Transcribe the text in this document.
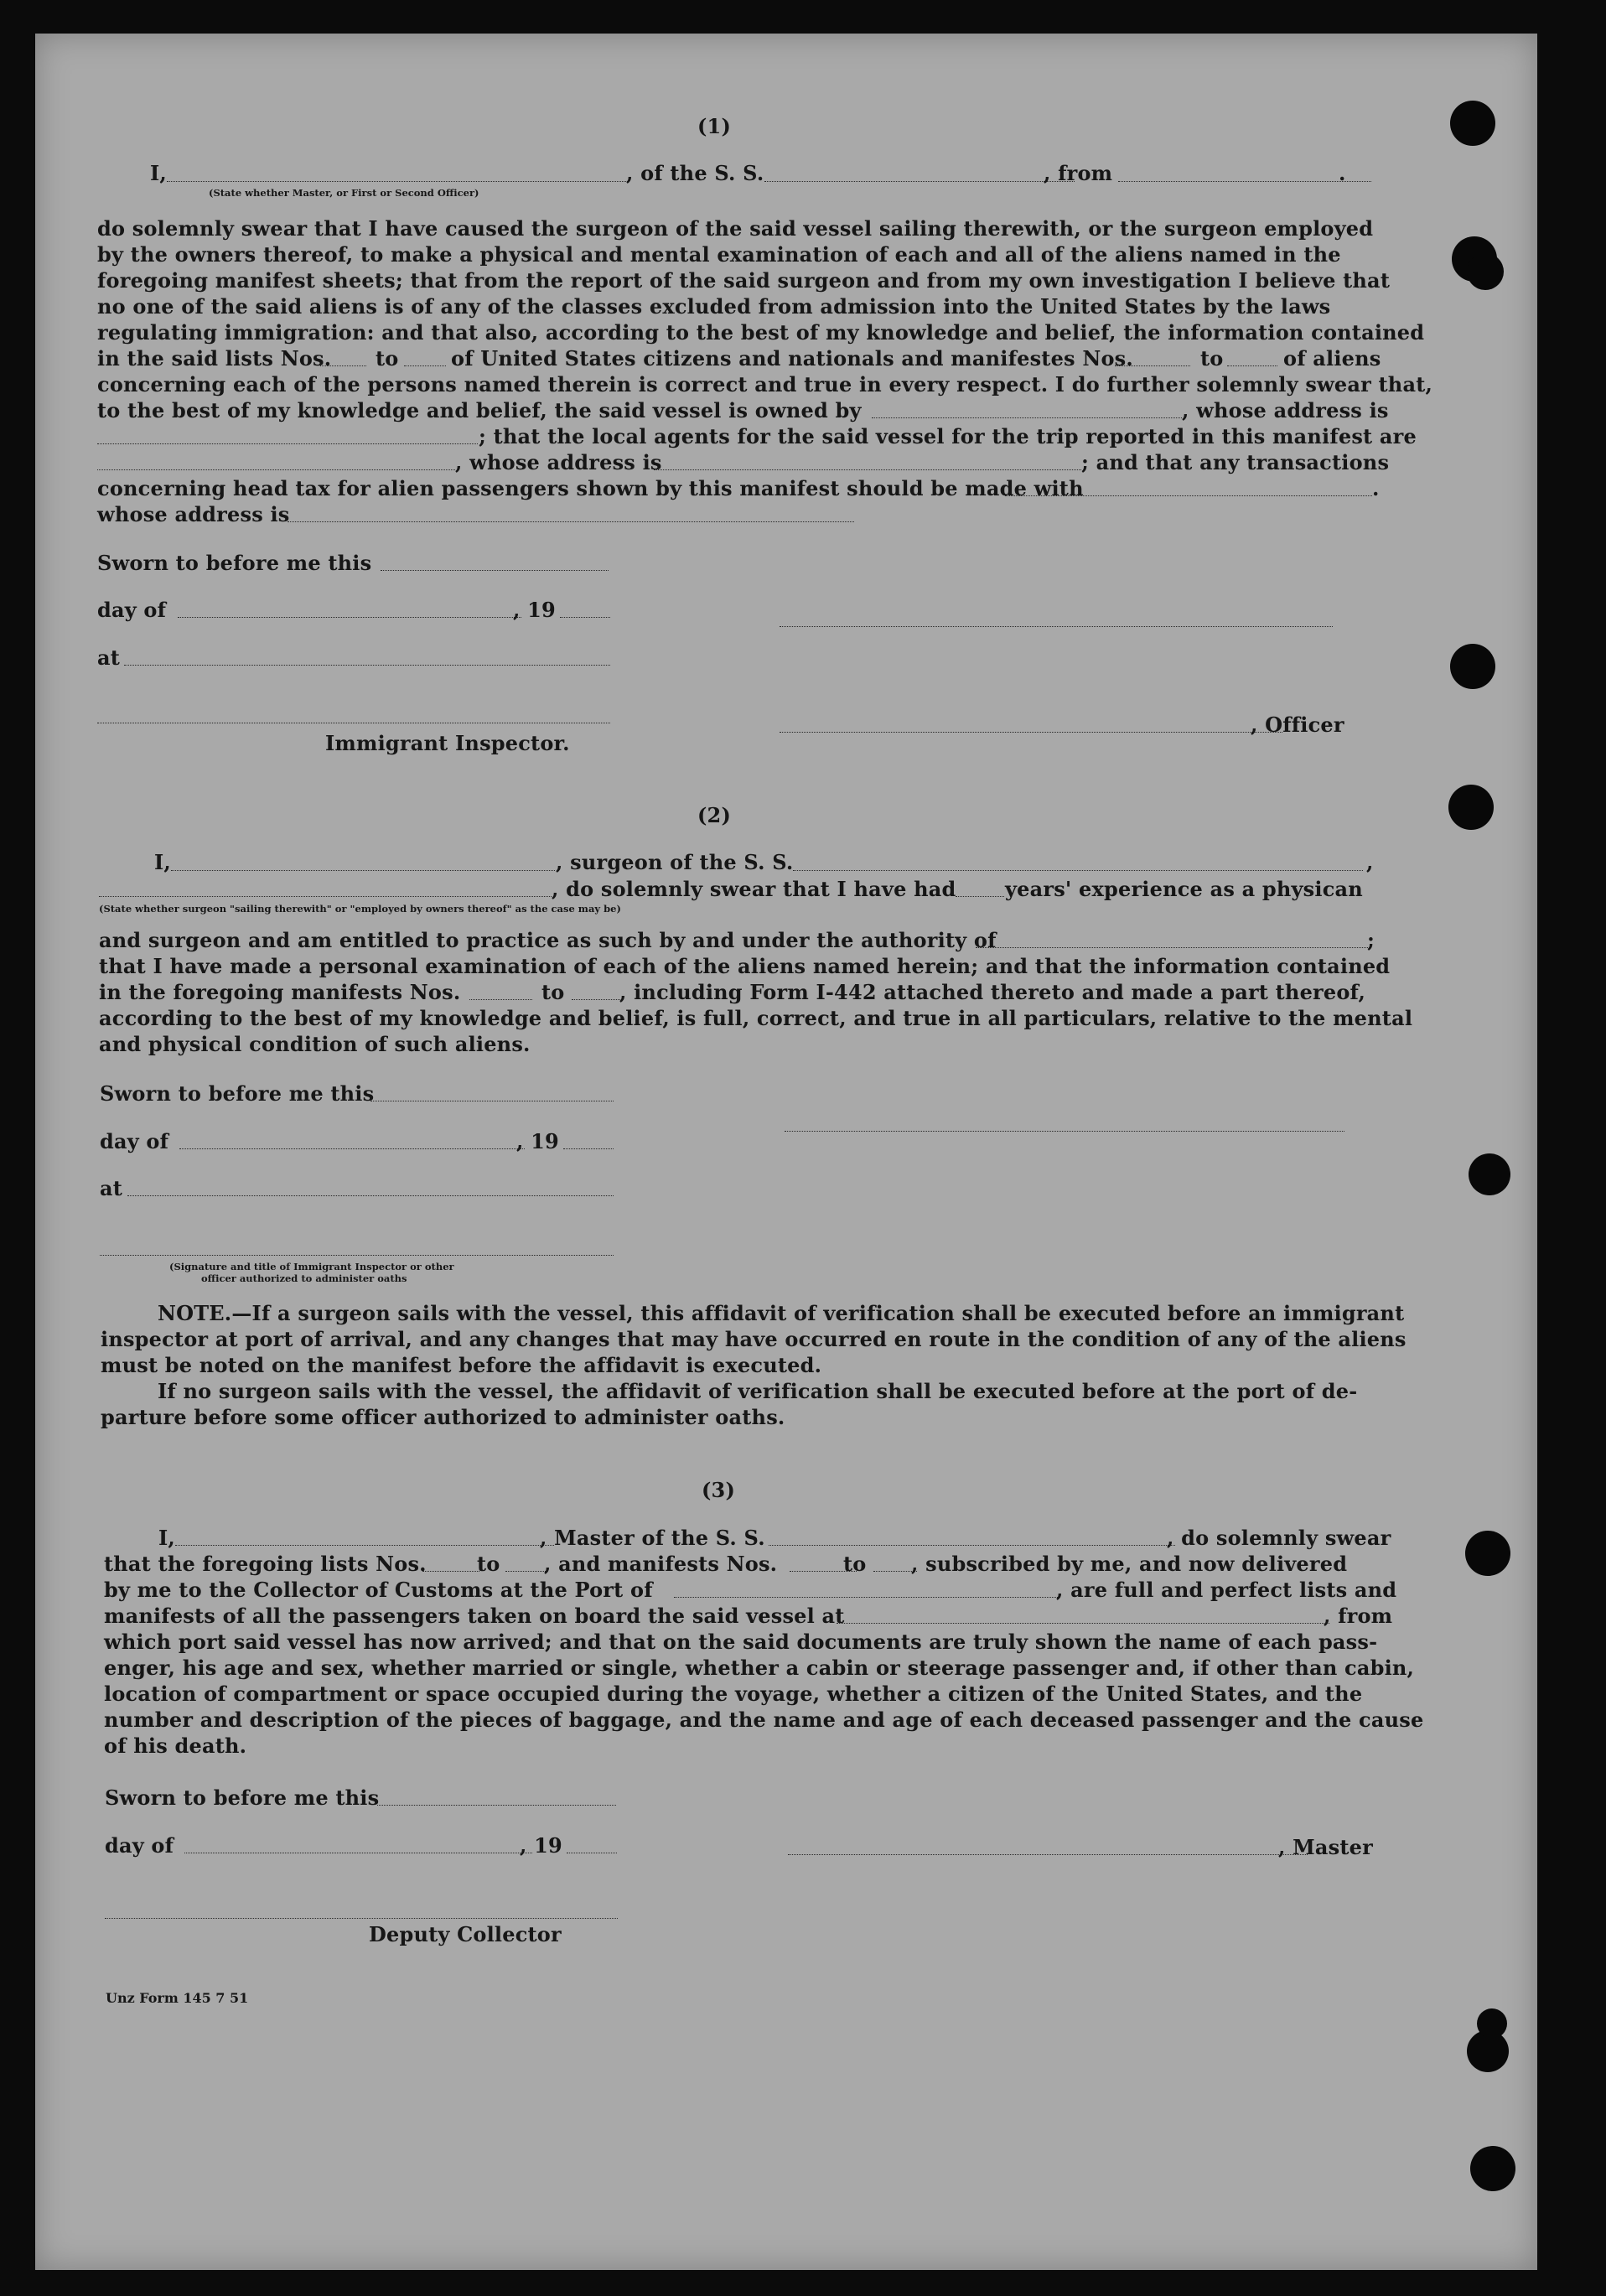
(1)
I,	, of the S. S.	, from	.
(State whether Master, or First or Second Officer)
do solemnly swear that I have caused the surgeon of the said vessel sailing therewith, or the surgeon employed
by the owners thereof, to make a physical and mental examination of each and all of the aliens named in the
foregoing manifest sheets; that from the report of the said surgeon and from my own investigation I believe that
no one of the said aliens is of any of the classes excluded from admission into the United States by the laws
regulating immigration: and that also, according to the best of my knowledge and belief, the information contained
in the said lists Nos. to	of United States citizens and nationals and manifestes Nos.	to	of aliens
concerning each of the persons named therein is correct and true in every respect. I do further solemnly swear that,
to the best of my knowledge and belief, the said vessel is owned by	, whose address is
; that the local agents for the said vessel for the trip reported in this manifest are
, whose address is	; and that any transactions
concerning head tax for alien passengers shown by this manifest should be made with	.
whose address is
Sworn to before me this
day of	, 19
at
, Officer
Immigrant Inspector.
(2)
I,	, surgeon of the S. S.	,
, do solemnly swear that I have had years' experience as a physican
(State whether surgeon "sailing therewith" or "employed by owners thereof" as the case may be)
and surgeon and am entitled to practice as such by and under the authority of	;
that I have made a personal examination of each of the aliens named herein; and that the information contained
in the foregoing manifests Nos.	to	, including Form I-442 attached thereto and made a part thereof,
according to the best of my knowledge and belief, is full, correct, and true in all particulars, relative to the mental
and physical condition of such aliens.
Sworn to before me this
day of	, 19
at
(Signature and title of Immigrant Inspector or other
officer authorized to administer oaths
NOTE.—If a surgeon sails with the vessel, this affidavit of verification shall be executed before an immigrant
inspector at port of arrival, and any changes that may have occurred en route in the condition of any of the aliens
must be noted on the manifest before the affidavit is executed.
If no surgeon sails with the vessel, the affidavit of verification shall be executed before at the port of de-
parture before some officer authorized to administer oaths.
(3)
I,	, Master of the S. S.	, do solemnly swear
that the foregoing lists Nos.	to , and manifests Nos.	to , subscribed by me, and now delivered
by me to the Collector of Customs at the Port of	, are full and perfect lists and
manifests of all the passengers taken on board the said vessel at	, from
which port said vessel has now arrived; and that on the said documents are truly shown the name of each pass-
enger, his age and sex, whether married or single, whether a cabin or steerage passenger and, if other than cabin,
location of compartment or space occupied during the voyage, whether a citizen of the United States, and the
number and description of the pieces of baggage, and the name and age of each deceased passenger and the cause
of his death.
Sworn to before me this
day of	, 19	, Master
Deputy Collector
Unz Form 145 7 51
